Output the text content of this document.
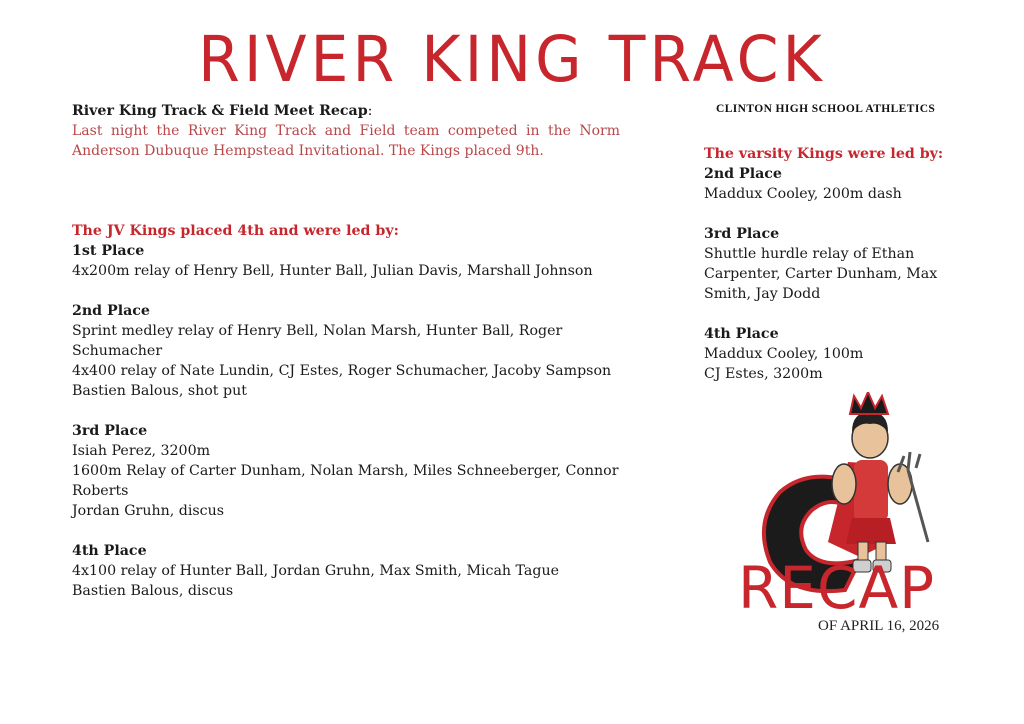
RIVER KING TRACK
CLINTON HIGH SCHOOL ATHLETICS
River King Track & Field Meet Recap:
Last night the River King Track and Field team competed in the Norm Anderson Dubuque Hempstead Invitational. The Kings placed 9th.
The JV Kings placed 4th and were led by:
1st Place
4x200m relay of Henry Bell, Hunter Ball, Julian Davis, Marshall Johnson
2nd Place
Sprint medley relay of Henry Bell, Nolan Marsh, Hunter Ball, Roger Schumacher
4x400 relay of Nate Lundin, CJ Estes, Roger Schumacher, Jacoby Sampson
Bastien Balous, shot put
3rd Place
Isiah Perez, 3200m
1600m Relay of Carter Dunham, Nolan Marsh, Miles Schneeberger, Connor Roberts
Jordan Gruhn, discus
4th Place
4x100 relay of Hunter Ball, Jordan Gruhn, Max Smith, Micah Tague
Bastien Balous, discus
The varsity Kings were led by:
2nd Place
Maddux Cooley, 200m dash
3rd Place
Shuttle hurdle relay of Ethan Carpenter, Carter Dunham, Max Smith, Jay Dodd
4th Place
Maddux Cooley, 100m
CJ Estes, 3200m
RECAP
OF APRIL 16, 2026
